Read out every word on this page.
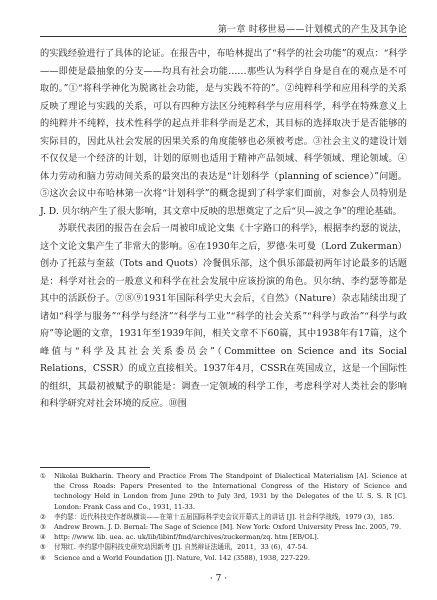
第一章 时移世易——计划模式的产生及其争论

的实践经验进行了具体的论证。在报告中，布哈林提出了“科学的社会功能”的观点：“科学——即使是最抽象的分支——均具有社会功能……那些认为科学自身是自在的观点是不可取的。”①“将科学神化为脱离社会功能，是与实践不符的”。②纯粹科学和应用科学的关系反映了理论与实践的关系，可以有四种方法区分纯粹科学与应用科学，科学在特殊意义上的纯粹并不纯粹，技术性科学的起点并非科学而是艺术，其目标的选择取决于是否能够的实际目的，因此从社会发展的因果关系的角度能够也必须被考虑。③社会主义的建设计划不仅仅是一个经济的计划，计划的原则也适用于精神产品领域、科学领域、理论领域。④体力劳动和脑力劳动间关系的最突出的表达是“计划科学（planning of science）”问题。⑤这次会议中布哈林第一次将“计划科学”的概念提到了科学家们面前，对参会人员特别是 J. D. 贝尔纳产生了很大影响，其文章中反映的思想奠定了之后“贝—波之争”的理论基础。

苏联代表团的报告在会后一周被印成论文集《十字路口的科学》，根据李约瑟的说法，这个文论文集产生了非常大的影响。⑥在1930年之后，罗德·朱可曼（Lord Zukerman）创办了托兹与奎兹（Tots and Quots）冷餐俱乐部，这个俱乐部最初两年讨论最多的话题是：科学对社会的一般意义和科学在社会发展中应该扮演的角色。贝尔纳、李约瑟等都是其中的活跃份子。⑦⑧⑨1931年国际科学史大会后，《自然》（Nature）杂志陆续出现了诸如“科学与服务”“科学与经济”“科学与工业”“科学的社会关系”“科学与政治”“科学与政府”等论题的文章，1931年至1939年间，相关文章不下60篇，其中1938年有17篇，这个峰值与“科学及其社会关系委员会”（Committee on Science and its Social Relations，CSSR）的成立直接相关。1937年4月，CSSR在英国成立，这是一个国际性的组织，其最初被赋予的职能是：调查一定领域的科学工作，考虑科学对人类社会的影响和科学研究对社会环境的反应。⑩围

①	Nikolai Bukharin. Theory and Practice From The Standpoint of Dialectical Materialism [A]. Science at the Cross Roads: Papers Presented to the International Congress of the History of Science and technology Held in London from June 29th to July 3rd, 1931 by the Delegates of the U. S. S. R [C]. London: Frank Cass and Co., 1931, 11-33.
②	李约瑟：近代科技史作者纵横谈——在第十五届国际科学史会议开幕式上的讲话 [J]. 社会科学战线，1979 (3)，185.
③	Andrew Brown. J. D. Bernal: The Sage of Science [M]. New York: Oxford University Press Inc. 2005, 79.
④	http: //www. lib. uea. ac. uk/lib/libinf/fmd/archives/zuckerman/zq. htm [EB/OL].
⑤	付翔红. 李约瑟中国科技史研究动因新考 [J]. 自然辩证法通讯，2011，33 (6)，47-54.
⑥	Science and a World Foundation [J]. Nature, Vol. 142 (3588), 1938, 227-229.
· 7 ·
